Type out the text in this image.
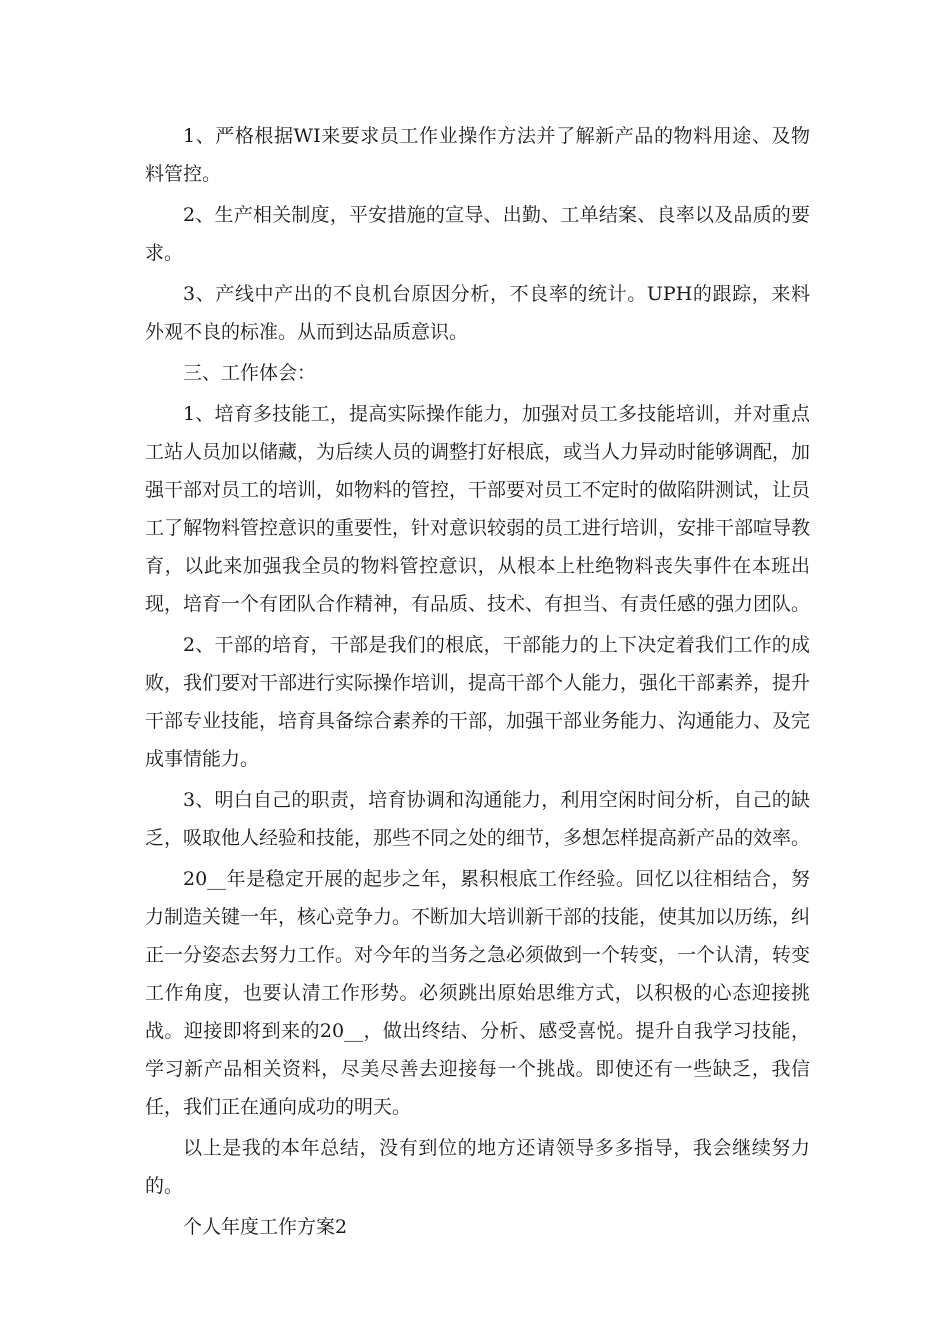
1、严格根据WI来要求员工作业操作方法并了解新产品的物料用途、及物料管控。

2、生产相关制度，平安措施的宣导、出勤、工单结案、良率以及品质的要求。

3、产线中产出的不良机台原因分析，不良率的统计。UPH的跟踪，来料外观不良的标准。从而到达品质意识。

三、工作体会：

1、培育多技能工，提高实际操作能力，加强对员工多技能培训，并对重点工站人员加以储藏，为后续人员的调整打好根底，或当人力异动时能够调配，加强干部对员工的培训，如物料的管控，干部要对员工不定时的做陷阱测试，让员工了解物料管控意识的重要性，针对意识较弱的员工进行培训，安排干部喧导教育，以此来加强我全员的物料管控意识，从根本上杜绝物料丧失事件在本班出现，培育一个有团队合作精神，有品质、技术、有担当、有责任感的强力团队。

2、干部的培育，干部是我们的根底，干部能力的上下决定着我们工作的成败，我们要对干部进行实际操作培训，提高干部个人能力，强化干部素养，提升干部专业技能，培育具备综合素养的干部，加强干部业务能力、沟通能力、及完成事情能力。

3、明白自己的职责，培育协调和沟通能力，利用空闲时间分析，自己的缺乏，吸取他人经验和技能，那些不同之处的细节，多想怎样提高新产品的效率。

20__年是稳定开展的起步之年，累积根底工作经验。回忆以往相结合，努力制造关键一年，核心竞争力。不断加大培训新干部的技能，使其加以历练，纠正一分姿态去努力工作。对今年的当务之急必须做到一个转变，一个认清，转变工作角度，也要认清工作形势。必须跳出原始思维方式，以积极的心态迎接挑战。迎接即将到来的20__，做出终结、分析、感受喜悦。提升自我学习技能，学习新产品相关资料，尽美尽善去迎接每一个挑战。即使还有一些缺乏，我信任，我们正在通向成功的明天。

以上是我的本年总结，没有到位的地方还请领导多多指导，我会继续努力的。

个人年度工作方案2
